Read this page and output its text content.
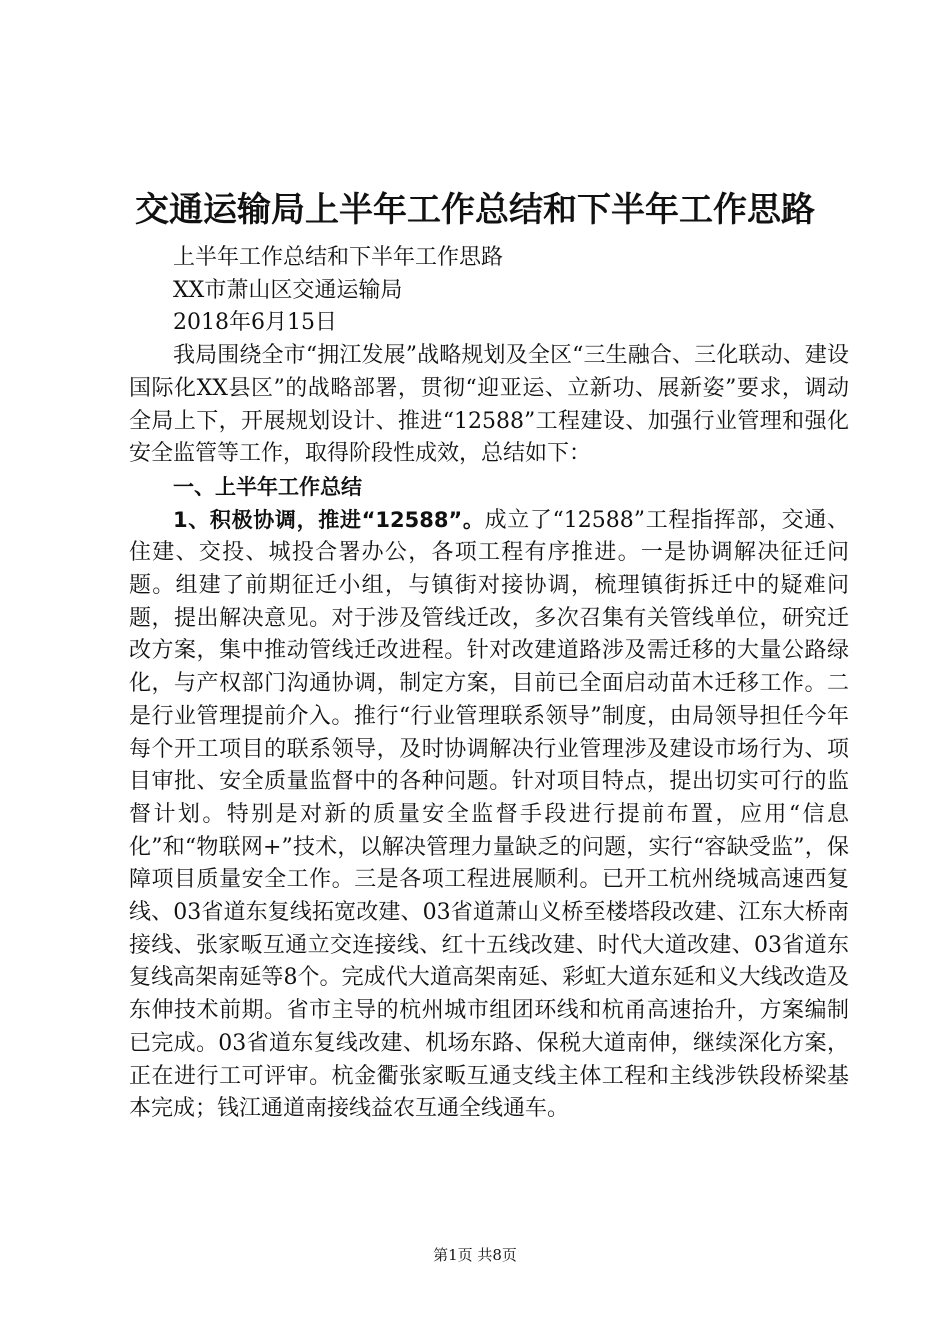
交通运输局上半年工作总结和下半年工作思路

上半年工作总结和下半年工作思路

XX市萧山区交通运输局

2018年6月15日

我局围绕全市“拥江发展”战略规划及全区“三生融合、三化联动、建设国际化XX县区”的战略部署，贯彻“迎亚运、立新功、展新姿”要求，调动全局上下，开展规划设计、推进“12588”工程建设、加强行业管理和强化安全监管等工作，取得阶段性成效，总结如下：

一、上半年工作总结

1、积极协调，推进“12588”。成立了“12588”工程指挥部，交通、住建、交投、城投合署办公，各项工程有序推进。一是协调解决征迁问题。组建了前期征迁小组，与镇街对接协调，梳理镇街拆迁中的疑难问题，提出解决意见。对于涉及管线迁改，多次召集有关管线单位，研究迁改方案，集中推动管线迁改进程。针对改建道路涉及需迁移的大量公路绿化，与产权部门沟通协调，制定方案，目前已全面启动苗木迁移工作。二是行业管理提前介入。推行“行业管理联系领导”制度，由局领导担任今年每个开工项目的联系领导，及时协调解决行业管理涉及建设市场行为、项目审批、安全质量监督中的各种问题。针对项目特点，提出切实可行的监督计划。特别是对新的质量安全监督手段进行提前布置，应用“信息化”和“物联网+”技术，以解决管理力量缺乏的问题，实行“容缺受监”，保障项目质量安全工作。三是各项工程进展顺利。已开工杭州绕城高速西复线、03省道东复线拓宽改建、03省道萧山义桥至楼塔段改建、江东大桥南接线、张家畈互通立交连接线、红十五线改建、时代大道改建、03省道东复线高架南延等8个。完成代大道高架南延、彩虹大道东延和义大线改造及东伸技术前期。省市主导的杭州城市组团环线和杭甬高速抬升，方案编制已完成。03省道东复线改建、机场东路、保税大道南伸，继续深化方案，正在进行工可评审。杭金衢张家畈互通支线主体工程和主线涉铁段桥梁基本完成；钱江通道南接线益农互通全线通车。

第1页 共8页
